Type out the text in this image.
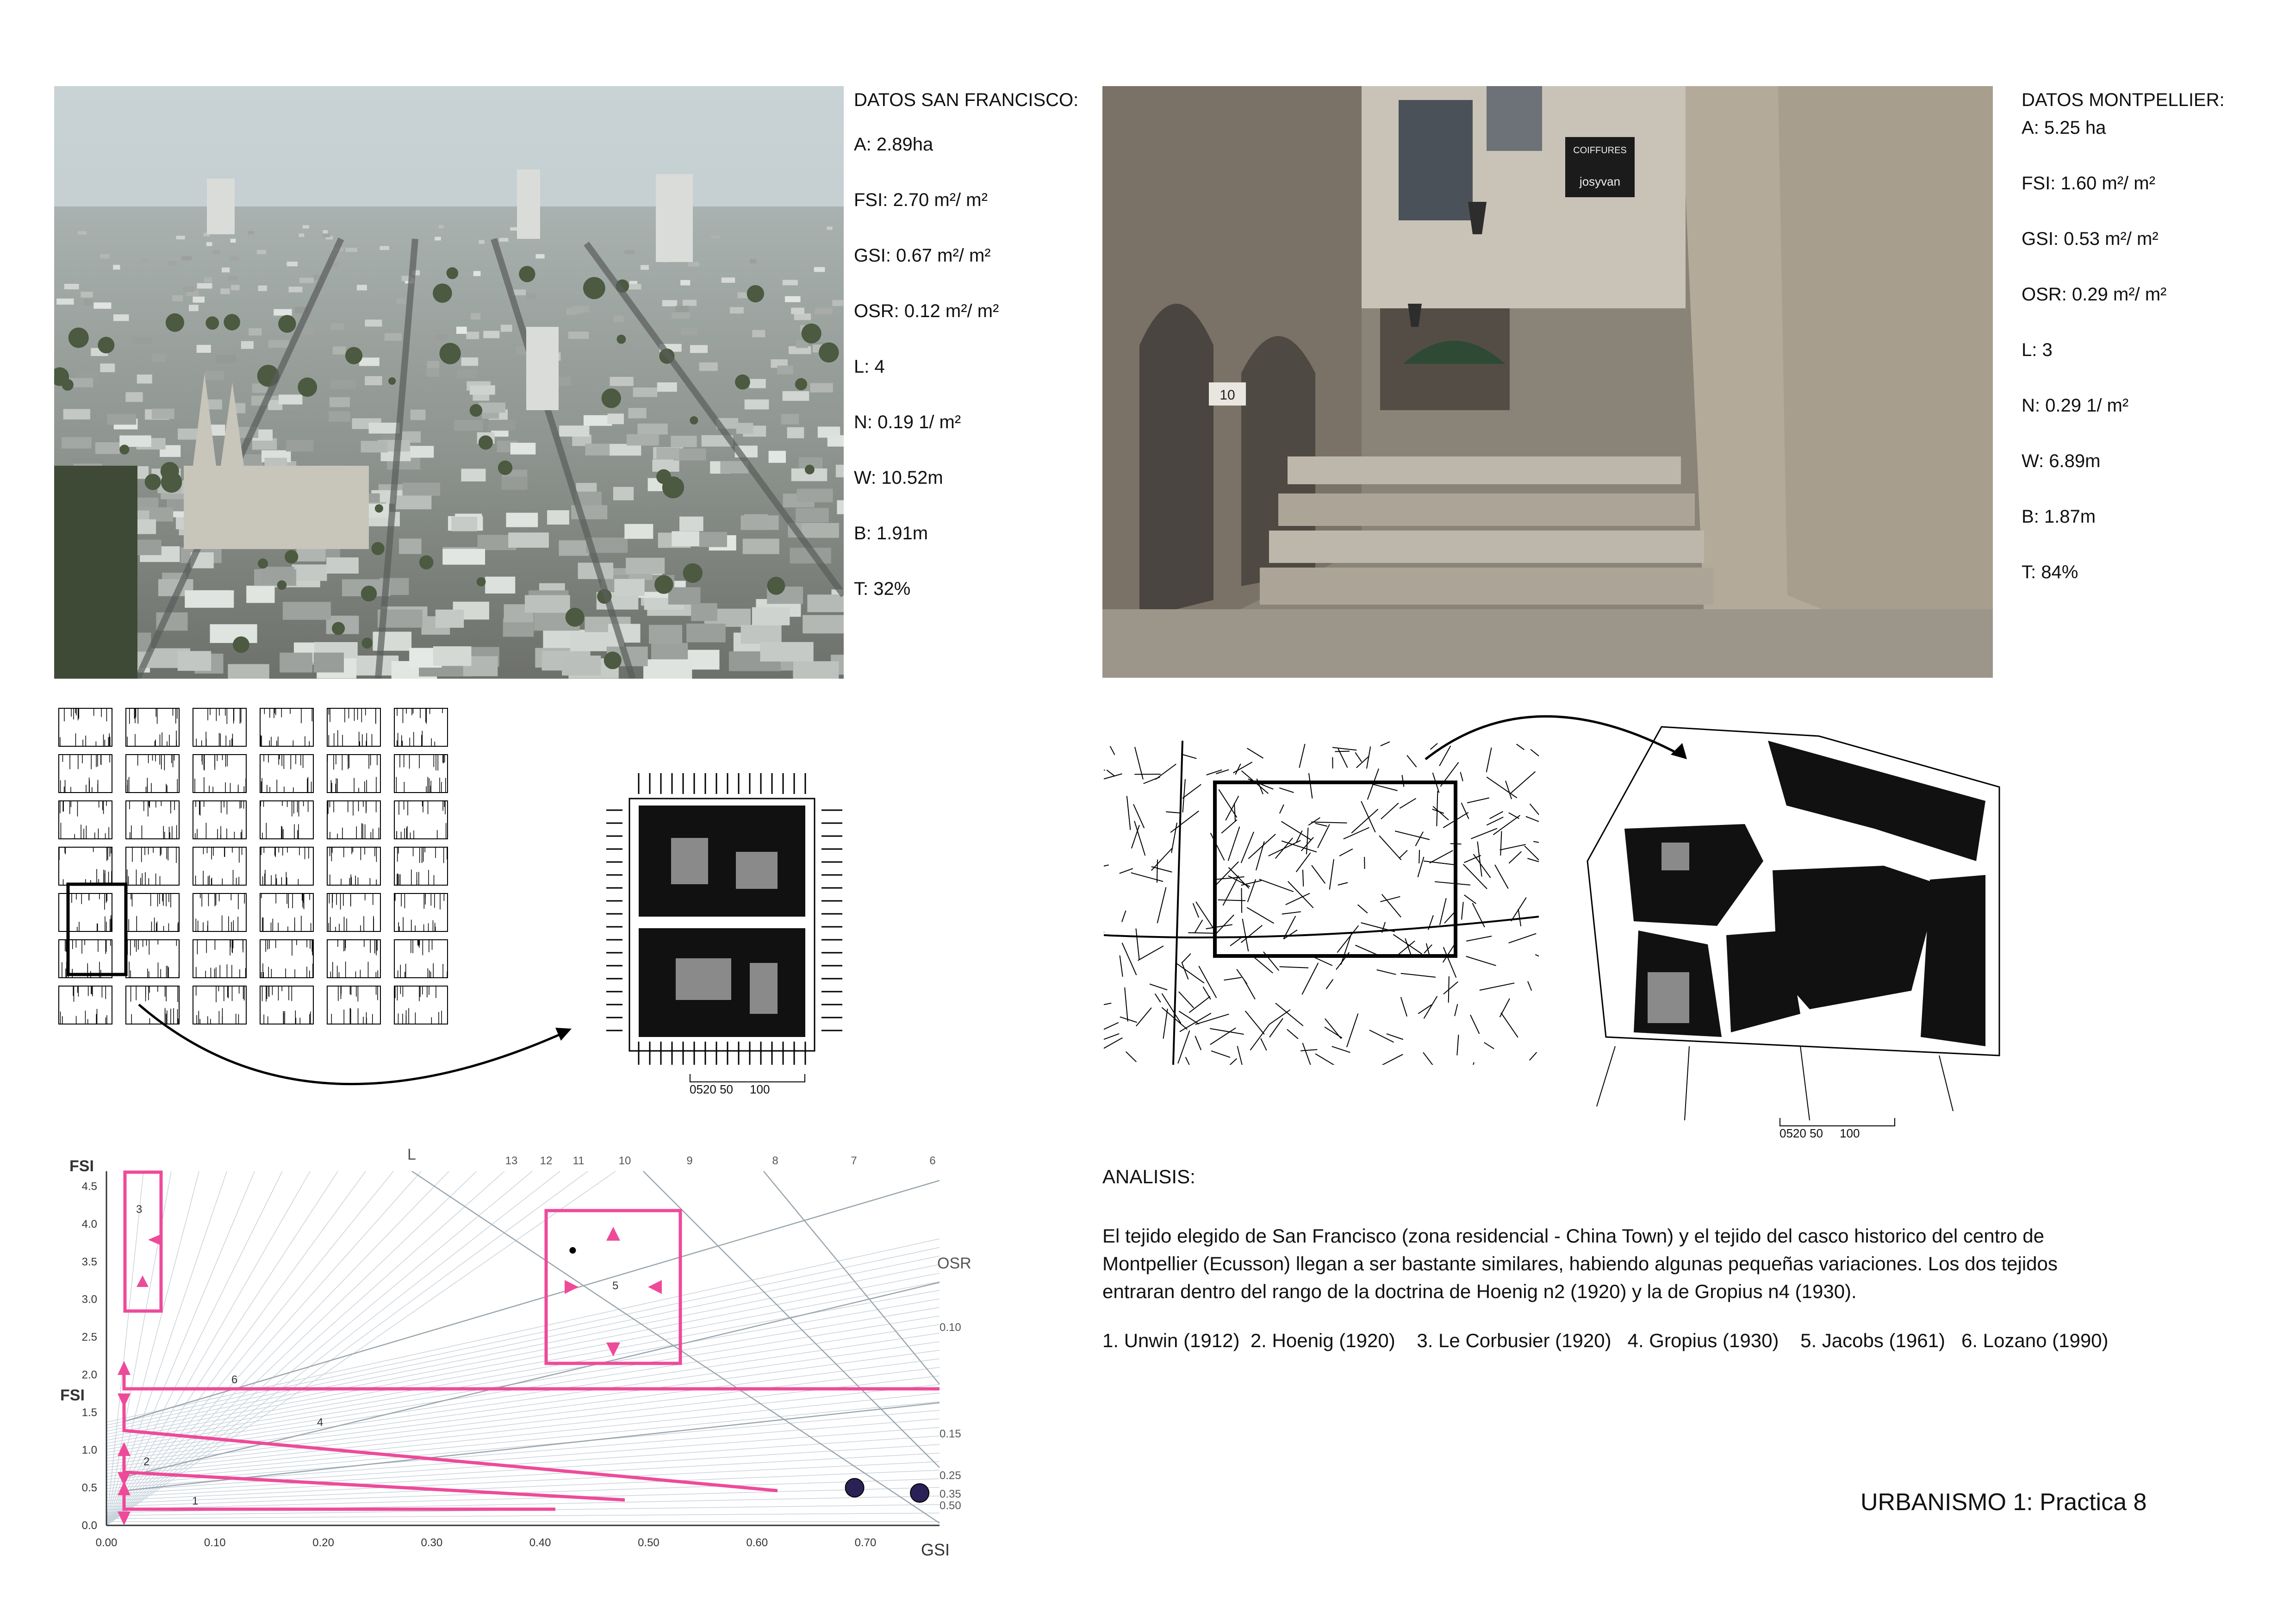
DATOS SAN FRANCISCO:
A: 2.89ha
FSI: 2.70 m²/ m²
GSI: 0.67 m²/ m²
OSR: 0.12 m²/ m²
L: 4
N: 0.19 1/ m²
W: 10.52m
B: 1.91m
T: 32%
10
COIFFURES
josyvan
DATOS MONTPELLIER:
A: 5.25 ha
FSI: 1.60 m²/ m²
GSI: 0.53 m²/ m²
OSR: 0.29 m²/ m²
L: 3
N: 0.29 1/ m²
W: 6.89m
B: 1.87m
T: 84%
0520 50     100
0520 50     100
FSI
FSI
GSI
L
OSR
4.5
4.0
3.5
3.0
2.5
2.0
1.5
1.0
0.5
0.0
0.00	0.10	0.20	0.30	0.40	0.50	0.60	0.70
13 12 11	10	9	8	7	6
0.10
0.15
0.25
0.35
0.50
3
5
6
4
2
1
ANALISIS:
El tejido elegido de San Francisco (zona residencial - China Town) y el tejido del casco historico del centro de Montpellier (Ecusson) llegan a ser bastante similares, habiendo algunas pequeñas variaciones. Los dos tejidos entraran dentro del rango de la doctrina de Hoenig n2 (1920) y la de Gropius n4 (1930).
1. Unwin (1912)  2. Hoenig (1920)    3. Le Corbusier (1920)   4. Gropius (1930)    5. Jacobs (1961)   6. Lozano (1990)
URBANISMO 1: Practica 8
